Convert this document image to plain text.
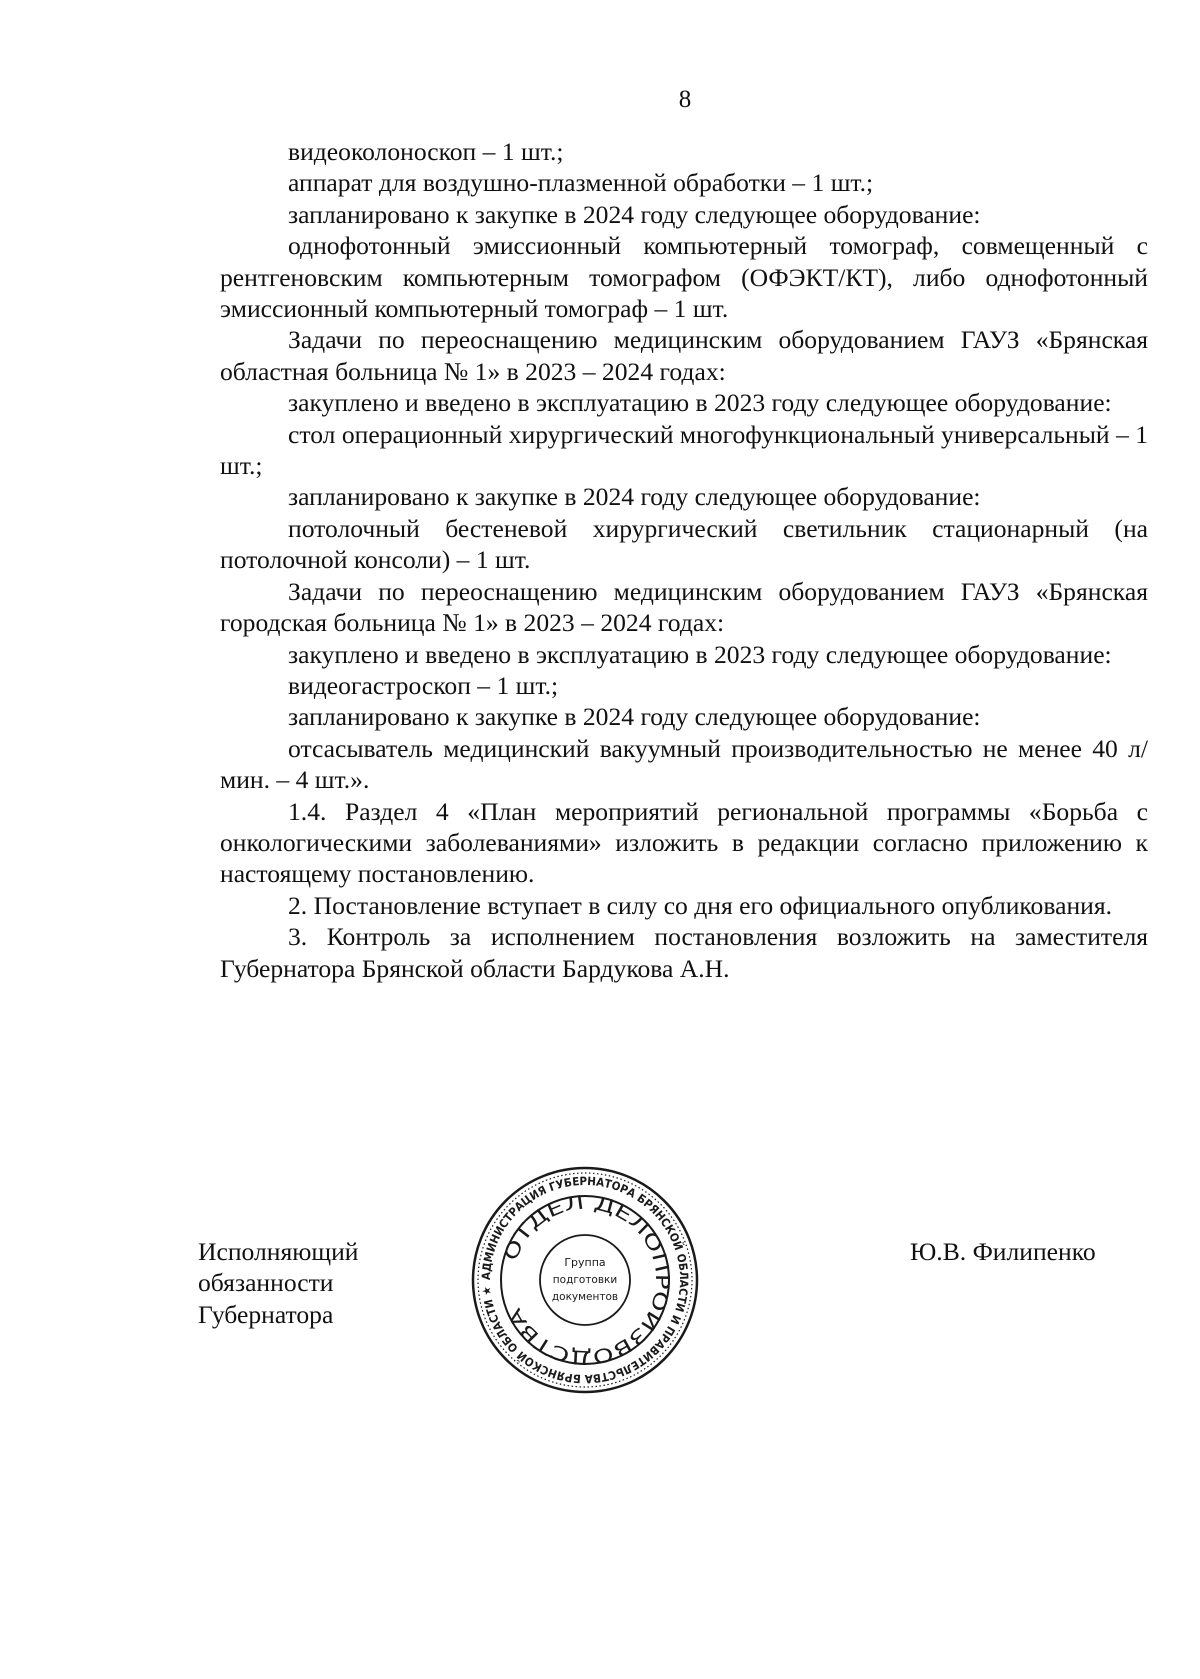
8

видеоколоноскоп – 1 шт.;

аппарат для воздушно-плазменной обработки – 1 шт.;

запланировано к закупке в 2024 году следующее оборудование:

однофотонный эмиссионный компьютерный томограф, совмещенный с рентгеновским компьютерным томографом (ОФЭКТ/КТ), либо однофотонный эмиссионный компьютерный томограф – 1 шт.

Задачи по переоснащению медицинским оборудованием ГАУЗ «Брянская областная больница № 1» в 2023 – 2024 годах:

закуплено и введено в эксплуатацию в 2023 году следующее оборудование:

стол операционный хирургический многофункциональный универсальный – 1 шт.;

запланировано к закупке в 2024 году следующее оборудование:

потолочный бестеневой хирургический светильник стационарный (на потолочной консоли) – 1 шт.

Задачи по переоснащению медицинским оборудованием ГАУЗ «Брянская городская больница № 1» в 2023 – 2024 годах:

закуплено и введено в эксплуатацию в 2023 году следующее оборудование:

видеогастроскоп – 1 шт.;

запланировано к закупке в 2024 году следующее оборудование:

отсасыватель медицинский вакуумный производительностью не менее 40 л/мин. – 4 шт.».

1.4. Раздел 4 «План мероприятий региональной программы «Борьба с онкологическими заболеваниями» изложить в редакции согласно приложению к настоящему постановлению.

2. Постановление вступает в силу со дня его официального опубликования.

3. Контроль за исполнением постановления возложить на заместителя Губернатора Брянской области Бардукова А.Н.

Исполняющий обязанности
Губернатора
Ю.В. Филипенко
АДМИНИСТРАЦИЯ ГУБЕРНАТОРА БРЯНСКОЙ ОБЛАСТИ И ПРАВИТЕЛЬСТВА БРЯНСКОЙ ОБЛАСТИ ★
ОТДЕЛ ДЕЛОПРОИЗВОДСТВА
Группа
подготовки
документов
